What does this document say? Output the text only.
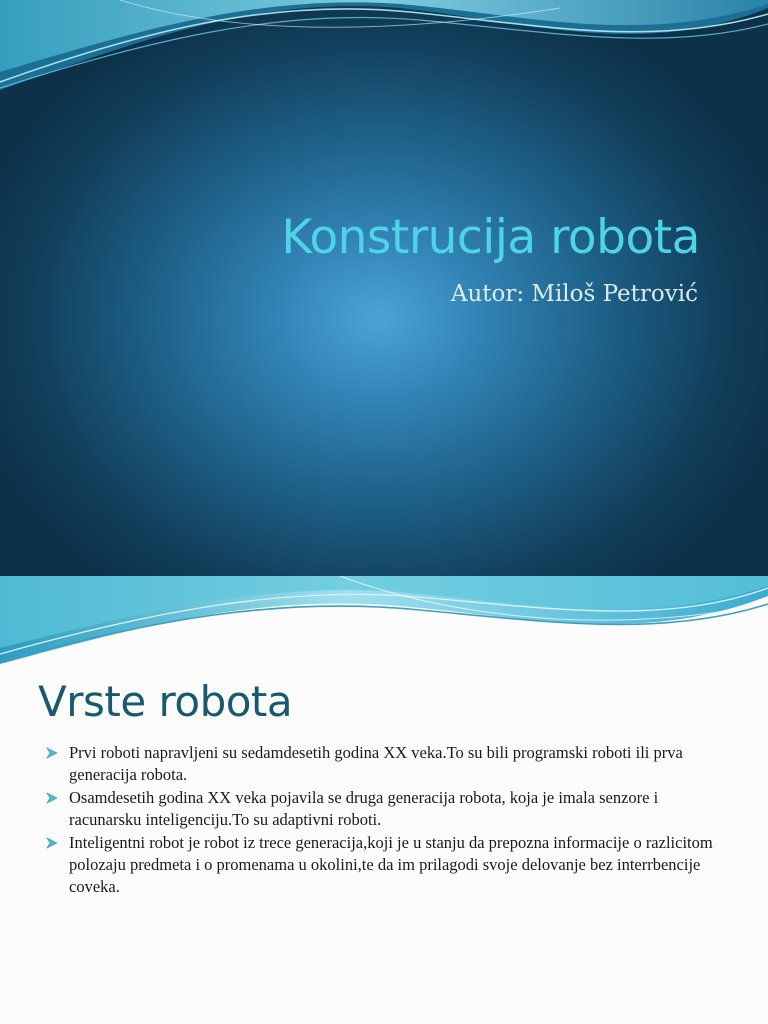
Konstrucija robota

Autor: Miloš Petrović

Vrste robota
Prvi roboti napravljeni su sedamdesetih godina XX veka.To su bili programski roboti ili prva generacija robota.
Osamdesetih godina XX veka pojavila se druga generacija robota, koja je imala senzore i racunarsku inteligenciju.To su adaptivni roboti.
Inteligentni robot je robot iz trece generacija,koji je u stanju da prepozna informacije o razlicitom polozaju predmeta i o promenama u okolini,te da im prilagodi svoje delovanje bez interrbencije coveka.
